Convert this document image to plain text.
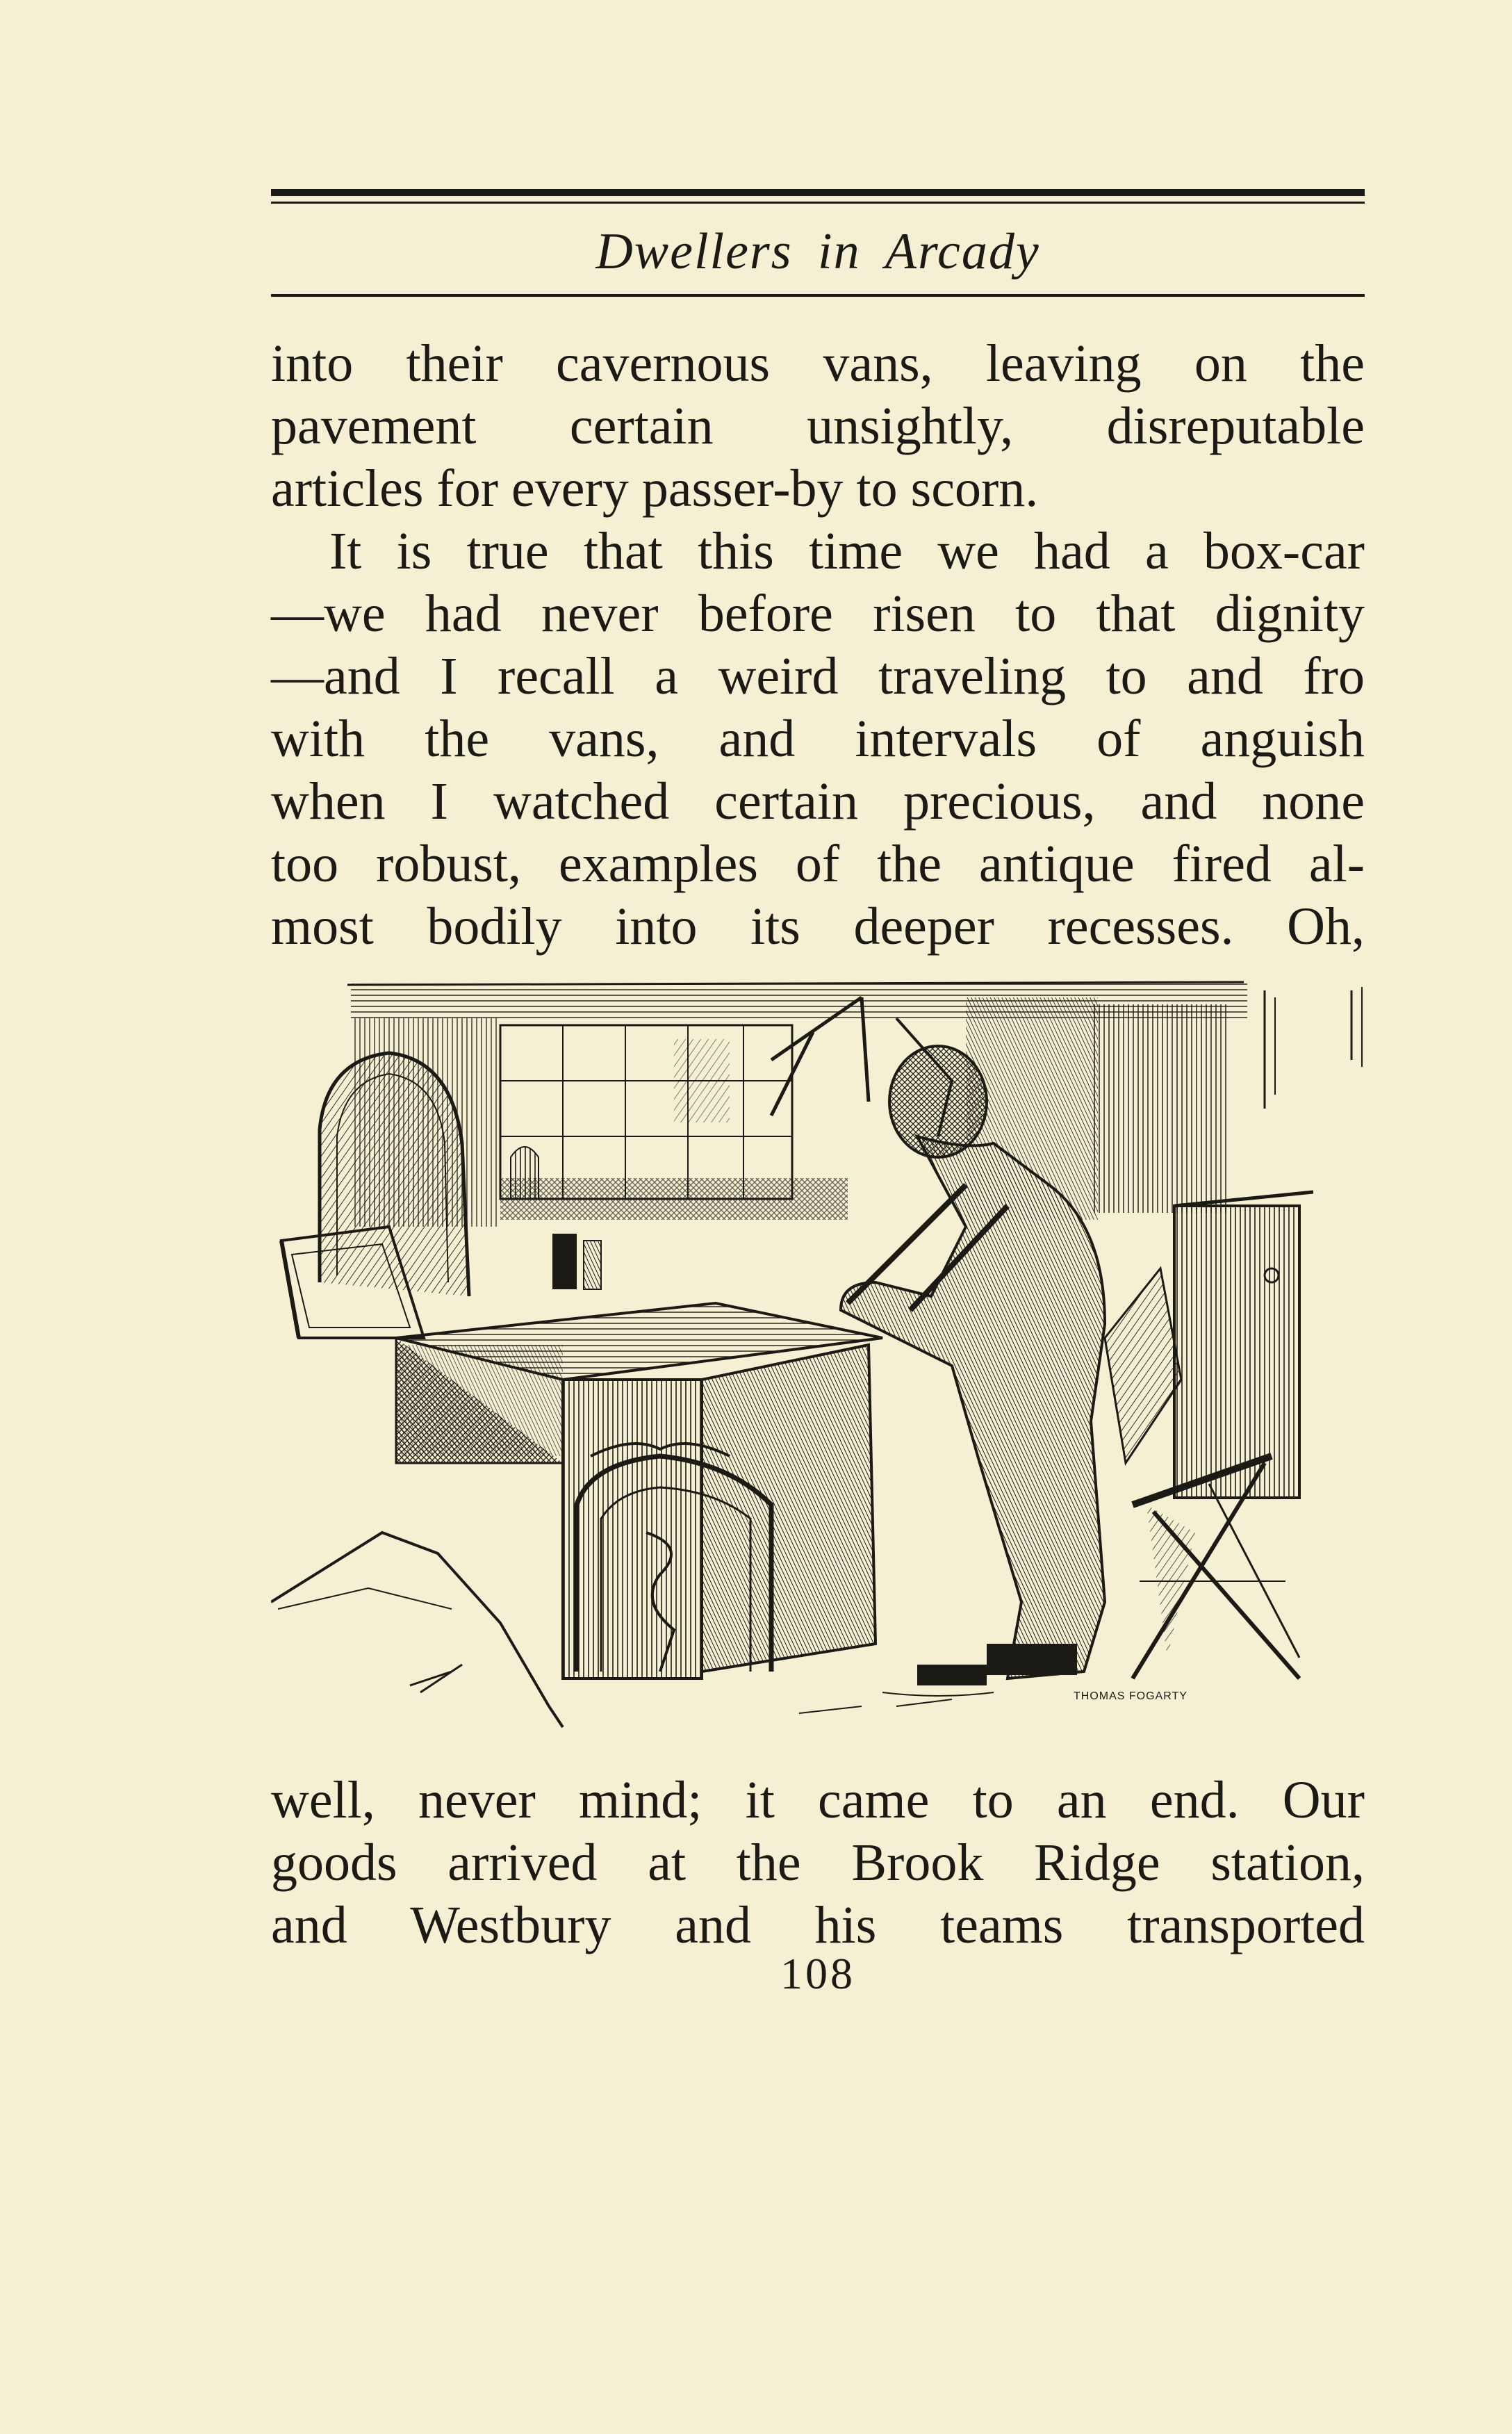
Dwellers in Arcady
into their cavernous vans, leaving on the
pavement certain unsightly, disreputable
articles for every passer-by to scorn.
It is true that this time we had a box-car
—we had never before risen to that dignity
—and I recall a weird traveling to and fro
with the vans, and intervals of anguish
when I watched certain precious, and none
too robust, examples of the antique fired al-
most bodily into its deeper recesses. Oh,
THOMAS FOGARTY
well, never mind; it came to an end. Our
goods arrived at the Brook Ridge station,
and Westbury and his teams transported
108
